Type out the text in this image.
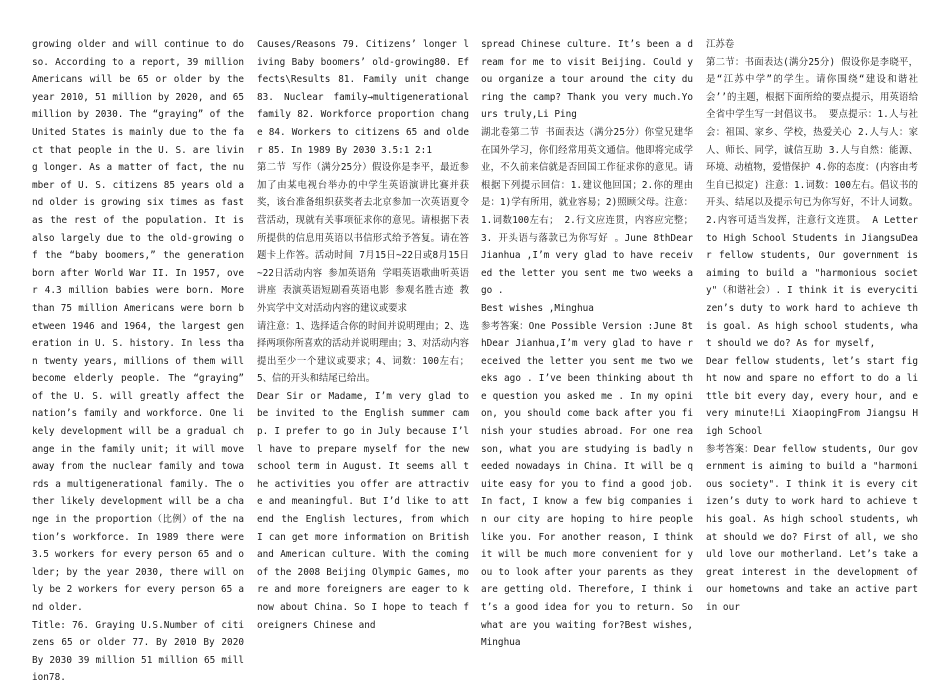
growing older and will continue to do so. According to a report, 39 million Americans will be 65 or older by the year 2010, 51 million by 2020, and 65 million by 2030. The “graying” of the United States is mainly due to the fact that people in the U. S. are living longer. As a matter of fact, the number of U. S. citizens 85 years old and older is growing six times as fast as the rest of the population. It is also largely due to the old-growing of the “baby boomers,” the generation born after World War II. In 1957, over 4.3 million babies were born. More than 75 million Americans were born between 1946 and 1964, the largest generation in U. S. history. In less than twenty years, millions of them will become elderly people. The “graying” of the U. S. will greatly affect the nation’s family and workforce. One likely development will be a gradual change in the family unit; it will move away from the nuclear family and towards a multigenerational family. The other likely development will be a change in the proportion（比例）of the nation’s workforce. In 1989 there were 3.5 workers for every person 65 and older; by the year 2030, there will only be 2 workers for every person 65 and older.

Title: 76. Graying U.S.Number of citizens 65 or older 77. By 2010 By 2020 By 2030 39 million 51 million 65 million78.

Causes/Reasons 79. Citizens’ longer living Baby boomers’ old-growing80. Effects\Results 81. Family unit change 83. Nuclear family→multigenerational family 82. Workforce proportion change 84. Workers to citizens 65 and older 85. In 1989 By 2030 3.5:1 2:1

第二节 写作（满分25分）假设你是李平，最近参加了由某电视台举办的中学生英语演讲比赛并获奖，该台准备组织获奖者去北京参加一次英语夏令营活动，现就有关事项征求你的意见。请根据下表所提供的信息用英语以书信形式给予答复。请在答题卡上作答。活动时间 7月15日~22日或8月15日~22日活动内容 参加英语角 学唱英语歌曲听英语讲座 表演英语短剧看英语电影 参观名胜古迹 教外宾学中文对活动内容的建议或要求

请注意：1、选择适合你的时间并说明理由；2、选择两项你所喜欢的活动并说明理由；3、对活动内容提出至少一个建议或要求；4、词数：100左右；5、信的开头和结尾已给出。

Dear Sir or Madame, I’m very glad to be invited to the English summer camp. I prefer to go in July because I’ll have to prepare myself for the new school term in August. It seems all the activities you offer are attractive and meaningful. But I’d like to attend the English lectures, from which I can get more information on British and American culture. With the coming of the 2008 Beijing Olympic Games, more and more foreigners are eager to know about China. So I hope to teach foreigners Chinese and

spread Chinese culture. It’s been a dream for me to visit Beijing. Could you organize a tour around the city during the camp? Thank you very much.Yours truly,Li Ping

湖北卷第二节 书面表达（满分25分）你堂兄建华在国外学习，你们经常用英文通信。他即将完成学业，不久前来信就是否回国工作征求你的意见。请根据下列提示回信：1.建议他回国；2.你的理由是：1)学有所用，就业容易；2)照顾父母。注意：1.词数100左右； 2.行文应连贯，内容应完整； 3. 开头语与落款已为你写好 。June 8thDear Jianhua ,I’m very glad to have received the letter you sent me two weeks ago .

Best wishes ,Minghua

参考答案：One Possible Version :June 8thDear Jianhua,I’m very glad to have received the letter you sent me two weeks ago . I’ve been thinking about the question you asked me . In my opinion, you should come back after you finish your studies abroad. For one reason, what you are studying is badly needed nowadays in China. It will be quite easy for you to find a good job. In fact, I know a few big companies in our city are hoping to hire people like you. For another reason, I think it will be much more convenient for you to look after your parents as they are getting old. Therefore, I think it’s a good idea for you to return. So what are you waiting for?Best wishes,Minghua

江苏卷

第二节：书面表达(满分25分) 假设你是李晓平，是“江苏中学”的学生。请你围绕“建设和谐社会’’的主题，根据下面所给的要点提示，用英语给全省中学生写一封倡议书。 要点提示：1.人与社会：祖国、家乡、学校，热爱关心 2.人与人：家人、师长、同学，诚信互助 3.人与自然：能源、环境、动植物，爱惜保护 4.你的态度：(内容由考生自已拟定) 注意：1.词数：100左右。倡议书的开头、结尾以及提示句已为你写好，不计人词数。2.内容可适当发挥，注意行文连贯。 A Letter to High School Students in JiangsuDear fellow students, Our government is aiming to build a "harmonious society"（和谐社会）. I think it is everycitizen’s duty to work hard to achieve this goal. As high school students, what should we do? As for myself,

Dear fellow students, let’s start fight now and spare no effort to do a little bit every day, every hour, and every minute!Li XiaopingFrom Jiangsu High School

参考答案：Dear fellow students, Our government is aiming to build a "harmonious society". I think it is every citizen’s duty to work hard to achieve this goal. As high school students, what should we do? First of all, we should love our motherland. Let’s take a great interest in the development of our hometowns and take an active part in our
